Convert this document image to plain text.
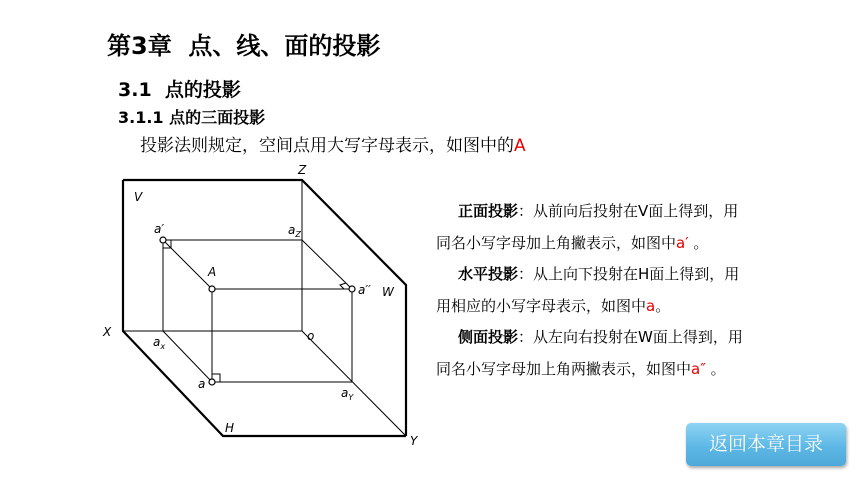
第3章  点、线、面的投影
3.1  点的投影
3.1.1 点的三面投影
投影法则规定，空间点用大写字母表示，如图中的A
V
W
H
X
Y
Z
A
o
a′	$a_Z$
a′′
$a_x$
a
$a_Y$

正面投影：从前向后投射在V面上得到，用
同名小写字母加上角撇表示，如图中a′ 。

水平投影：从上向下投射在H面上得到，用
用相应的小写字母表示，如图中a。

侧面投影：从左向右投射在W面上得到，用
同名小写字母加上角两撇表示，如图中a″ 。

返回本章目录
